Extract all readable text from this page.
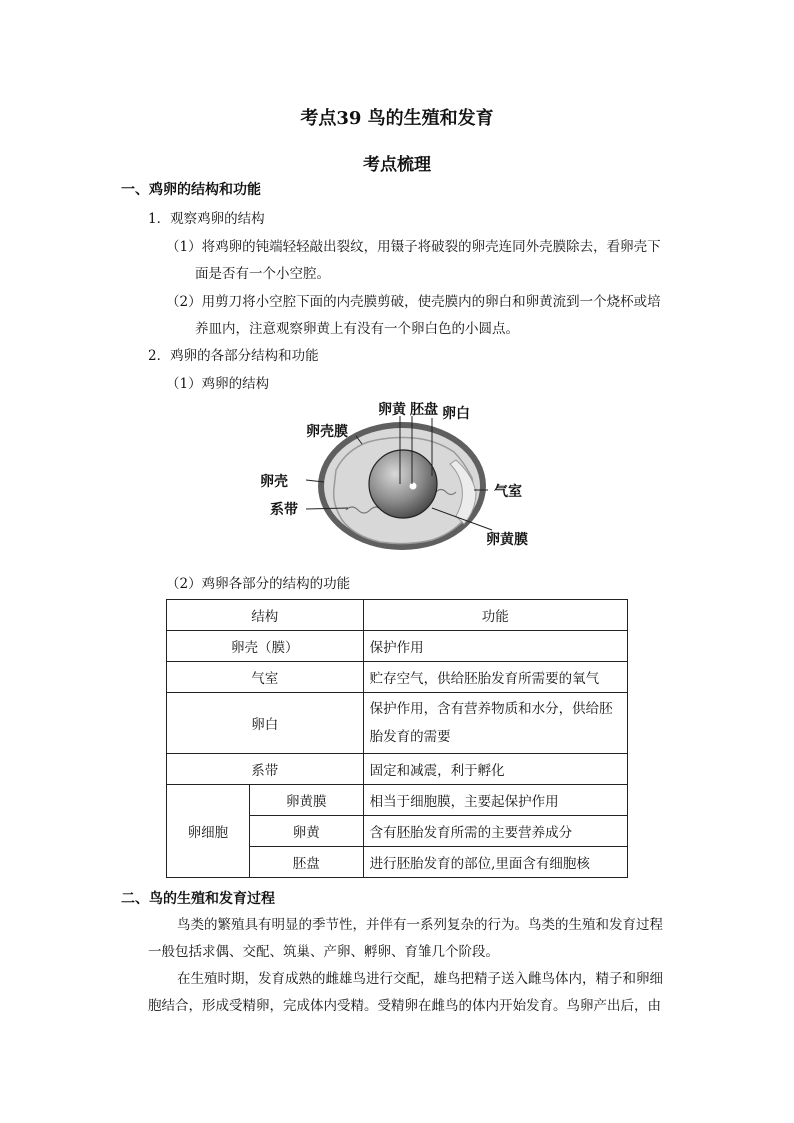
考点39 鸟的生殖和发育
考点梳理
一、鸡卵的结构和功能
1．观察鸡卵的结构
（1）将鸡卵的钝端轻轻敲出裂纹，用镊子将破裂的卵壳连同外壳膜除去，看卵壳下
面是否有一个小空腔。
（2）用剪刀将小空腔下面的内壳膜剪破，使壳膜内的卵白和卵黄流到一个烧杯或培
养皿内，注意观察卵黄上有没有一个卵白色的小圆点。
2．鸡卵的各部分结构和功能
（1）鸡卵的结构
卵黄 胚盘 卵白
卵壳膜
卵壳
系带
气室
卵黄膜
（2）鸡卵各部分的结构的功能
结构		功能
卵壳（膜）		保护作用
气室		贮存空气，供给胚胎发育所需要的氧气
卵白		保护作用，含有营养物质和水分，供给胚
胎发育的需要

系带		固定和减震，利于孵化
卵细胞	卵黄膜	相当于细胞膜，主要起保护作用
	卵黄	含有胚胎发育所需的主要营养成分
	胚盘	进行胚胎发育的部位,里面含有细胞核
二、鸟的生殖和发育过程
鸟类的繁殖具有明显的季节性，并伴有一系列复杂的行为。鸟类的生殖和发育过程
一般包括求偶、交配、筑巢、产卵、孵卵、育雏几个阶段。
在生殖时期，发育成熟的雌雄鸟进行交配，雄鸟把精子送入雌鸟体内，精子和卵细
胞结合，形成受精卵，完成体内受精。受精卵在雌鸟的体内开始发育。鸟卵产出后，由
